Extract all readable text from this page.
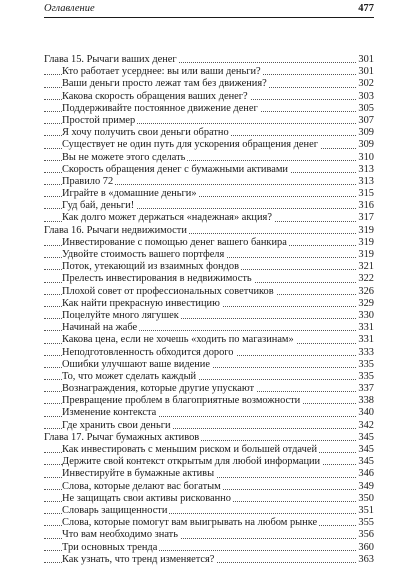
Оглавление	477
Глава 15. Рычаги ваших денег	301
Кто работает усерднее: вы или ваши деньги?	301
Ваши деньги просто лежат там без движения?	302
Какова скорость обращения ваших денег?	303
Поддерживайте постоянное движение денег	305
Простой пример	307
Я хочу получить свои деньги обратно	309
Существует не один путь для ускорения обращения денег	309
Вы не можете этого сделать	310
Скорость обращения денег с бумажными активами	313
Правило 72	313
Играйте в «домашние деньги»	315
Гуд бай, деньги!	316
Как долго может держаться «надежная» акция?	317
Глава 16. Рычаги недвижимости	319
Инвестирование с помощью денег вашего банкира	319
Удвойте стоимость вашего портфеля	319
Поток, утекающий из взаимных фондов	321
Прелесть инвестирования в недвижимость	322
Плохой совет от профессиональных советчиков	326
Как найти прекрасную инвестицию	329
Поцелуйте много лягушек	330
Начинай на жабе	331
Какова цена, если не хочешь «ходить по магазинам»	331
Неподготовленность обходится дорого	333
Ошибки улучшают ваше видение	335
То, что может сделать каждый	335
Вознаграждения, которые другие упускают	337
Превращение проблем в благоприятные возможности	338
Изменение контекста	340
Где хранить свои деньги	342
Глава 17. Рычаг бумажных активов	345
Как инвестировать с меньшим риском и большей отдачей	345
Держите свой контекст открытым для любой информации	345
Инвестируйте в бумажные активы	346
Слова, которые делают вас богатым	349
Не защищать свои активы рискованно	350
Словарь защищенности	351
Слова, которые помогут вам выигрывать на любом рынке	355
Что вам необходимо знать	356
Три основных тренда	360
Как узнать, что тренд изменяется?	363
